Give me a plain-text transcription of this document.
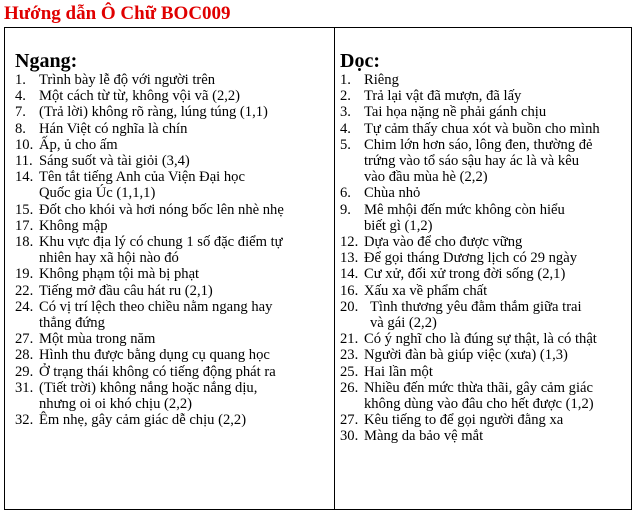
Hướng dẫn Ô Chữ BOC009
Ngang:
1. Trình bày lễ độ với người trên
4. Một cách từ từ, không vội vã (2,2)
7. (Trả lời) không rõ ràng, lúng túng (1,1)
8. Hán Việt có nghĩa là chín
10. Ấp, ủ cho ấm
11. Sáng suốt và tài giỏi (3,4)
14. Tên tắt tiếng Anh của Viện Đại học
Quốc gia Úc (1,1,1)
15. Đốt cho khói và hơi nóng bốc lên nhè nhẹ
17. Không mập
18. Khu vực địa lý có chung 1 số đặc điểm tự
nhiên hay xã hội nào đó
19. Không phạm tội mà bị phạt
22. Tiếng mở đầu câu hát ru (2,1)
24. Có vị trí lệch theo chiều nằm ngang hay
thẳng đứng
27. Một mùa trong năm
28. Hình thu được bằng dụng cụ quang học
29. Ở trạng thái không có tiếng động phát ra
31. (Tiết trời) không nắng hoặc nắng dịu,
nhưng oi oi khó chịu (2,2)
32. Êm nhẹ, gây cảm giác dễ chịu (2,2)
Dọc:
1. Riêng
2. Trả lại vật đã mượn, đã lấy
3. Tai họa nặng nề phải gánh chịu
4. Tự cảm thấy chua xót và buồn cho mình
5. Chim lớn hơn sáo, lông đen, thường đẻ
trứng vào tổ sáo sậu hay ác là và kêu
vào đầu mùa hè (2,2)
6. Chùa nhỏ
9. Mê mhội đến mức không còn hiểu
biết gì (1,2)
12. Dựa vào để cho được vững
13. Để gọi tháng Dương lịch có 29 ngày
14. Cư xử, đối xử trong đời sống (2,1)
16. Xấu xa về phẩm chất
20. Tình thương yêu đằm thắm giữa trai
và gái (2,2)
21. Có ý nghĩ cho là đúng sự thật, là có thật
23. Người đàn bà giúp việc (xưa) (1,3)
25. Hai lần một
26. Nhiều đến mức thừa thãi, gây cảm giác
không dùng vào đâu cho hết được (1,2)
27. Kêu tiếng to để gọi người đằng xa
30. Màng da bảo vệ mắt
